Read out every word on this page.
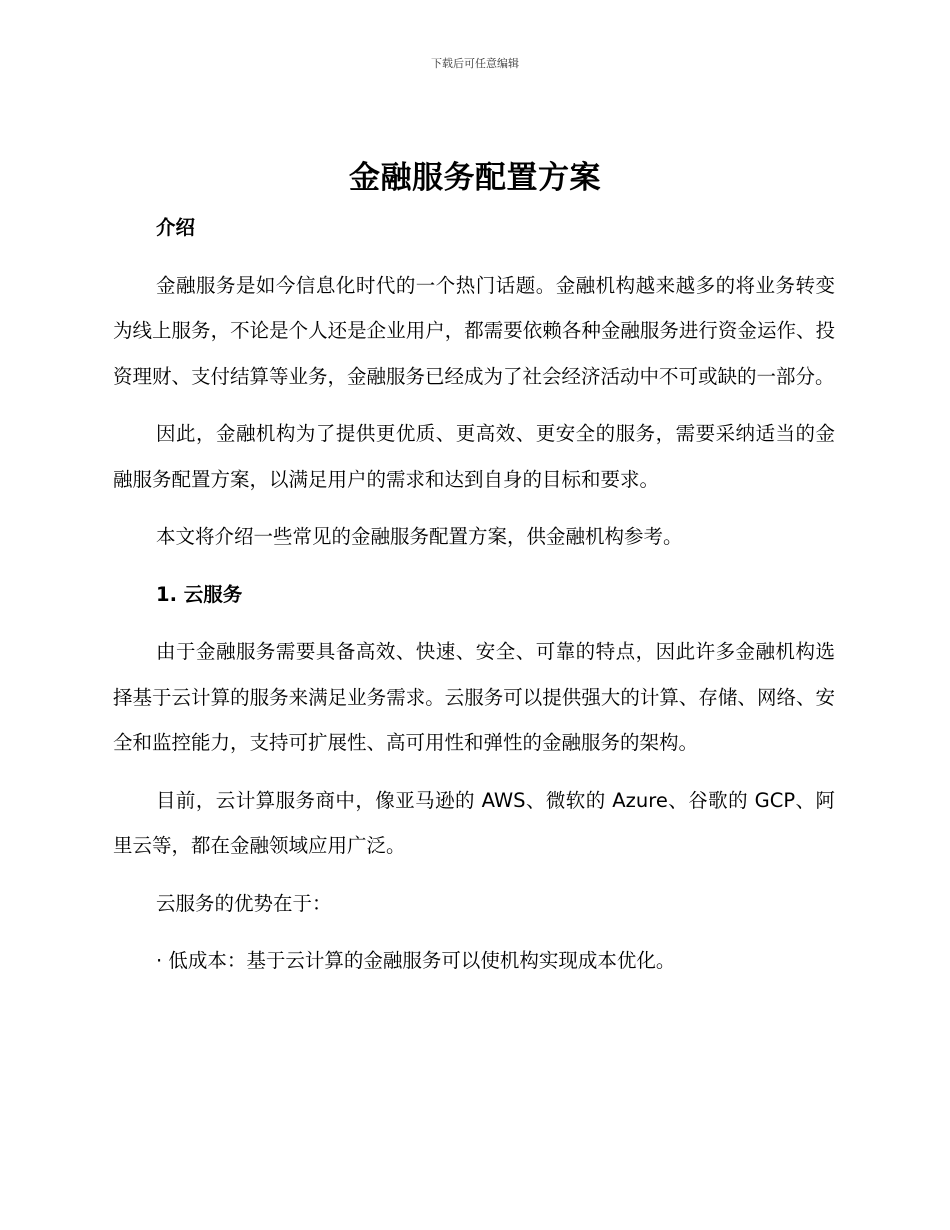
下载后可任意编辑
金融服务配置方案
介绍
金融服务是如今信息化时代的一个热门话题。金融机构越来越多的将业务转变为线上服务，不论是个人还是企业用户，都需要依赖各种金融服务进行资金运作、投资理财、支付结算等业务，金融服务已经成为了社会经济活动中不可或缺的一部分。
因此，金融机构为了提供更优质、更高效、更安全的服务，需要采纳适当的金融服务配置方案，以满足用户的需求和达到自身的目标和要求。
本文将介绍一些常见的金融服务配置方案，供金融机构参考。
1. 云服务
由于金融服务需要具备高效、快速、安全、可靠的特点，因此许多金融机构选择基于云计算的服务来满足业务需求。云服务可以提供强大的计算、存储、网络、安全和监控能力，支持可扩展性、高可用性和弹性的金融服务的架构。
目前，云计算服务商中，像亚马逊的 AWS、微软的 Azure、谷歌的 GCP、阿里云等，都在金融领域应用广泛。
云服务的优势在于：
· 低成本：基于云计算的金融服务可以使机构实现成本优化。
